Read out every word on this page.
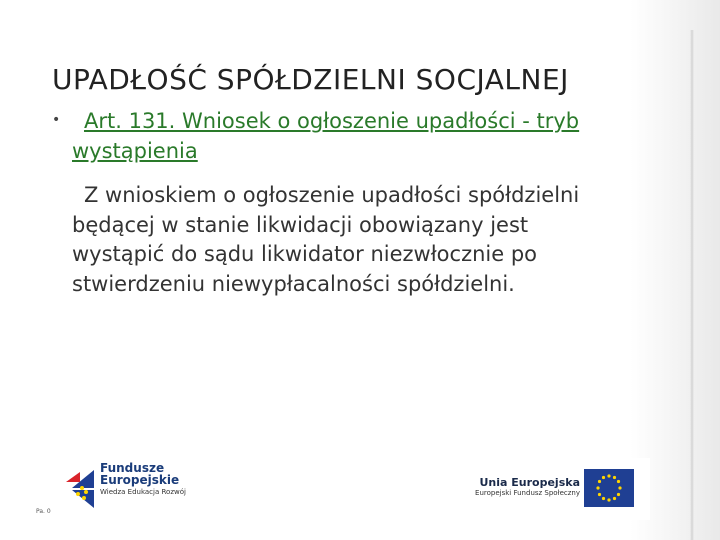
UPADŁOŚĆ SPÓŁDZIELNI SOCJALNEJ
•	Art. 131. Wniosek o ogłoszenie upadłości - tryb
wystąpienia
Z wnioskiem o ogłoszenie upadłości spółdzielni
będącej w stanie likwidacji obowiązany jest
wystąpić do sądu likwidator niezwłocznie po
stwierdzeniu niewypłacalności spółdzielni.
Pa. 0
Fundusze
Europejskie
Wiedza Edukacja Rozwój
Unia Europejska
Europejski Fundusz Społeczny
